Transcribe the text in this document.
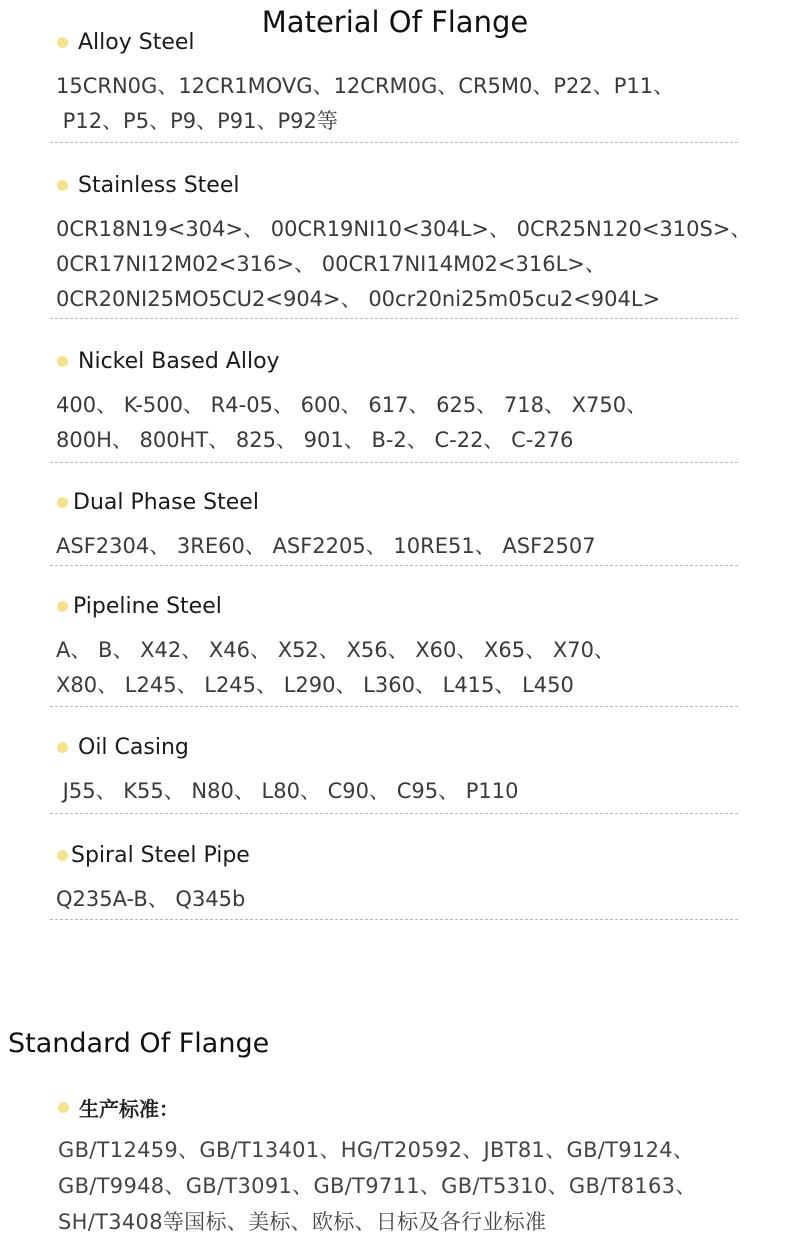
Material Of Flange
Alloy Steel
15CRN0G、12CR1MOVG、12CRM0G、CR5M0、P22、P11、
P12、P5、P9、P91、P92等
Stainless Steel
0CR18N19<304>、 00CR19NI10<304L>、 0CR25N120<310S>、
0CR17NI12M02<316>、 00CR17NI14M02<316L>、
0CR20NI25MO5CU2<904>、 00cr20ni25m05cu2<904L>
Nickel Based Alloy
400、 K-500、 R4-05、 600、 617、 625、 718、 X750、
800H、 800HT、 825、 901、 B-2、 C-22、 C-276
Dual Phase Steel
ASF2304、 3RE60、 ASF2205、 10RE51、 ASF2507
Pipeline Steel
A、 B、 X42、 X46、 X52、 X56、 X60、 X65、 X70、
X80、 L245、 L245、 L290、 L360、 L415、 L450
Oil Casing
J55、 K55、 N80、 L80、 C90、 C95、 P110
Spiral Steel Pipe
Q235A-B、 Q345b
Standard Of Flange
生产标准：
GB/T12459、GB/T13401、HG/T20592、JBT81、GB/T9124、
GB/T9948、GB/T3091、GB/T9711、GB/T5310、GB/T8163、
SH/T3408等国标、美标、欧标、日标及各行业标准
